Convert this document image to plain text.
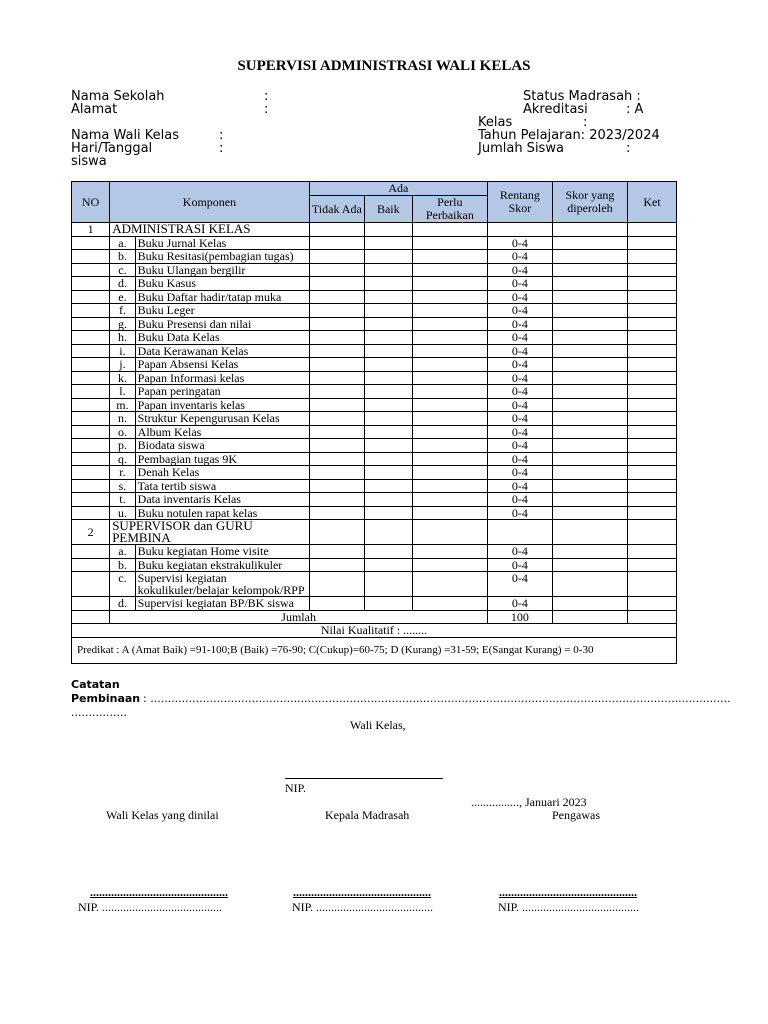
SUPERVISI ADMINISTRASI WALI KELAS
Nama Sekolah	:
Alamat	:
Nama Wali Kelas	:
Hari/Tanggal	:
siswa
Status Madrasah :
Akreditasi	: A
Kelas	:
Tahun Pelajaran: 2023/2024
Jumlah Siswa	:
NO	Komponen		Ada			Rentang Skor	Skor yang diperoleh	Ket
			Tidak Ada	Baik	Perlu Perbaikan			
1	ADMINISTRASI KELAS							
	a.	Buku Jurnal Kelas				0-4		
	b.	Buku Resitasi(pembagian tugas)				0-4		
	c.	Buku Ulangan bergilir				0-4		
	d.	Buku Kasus				0-4		
	e.	Buku Daftar hadir/tatap muka				0-4		
	f.	Buku Leger				0-4		
	g.	Buku Presensi dan nilai				0-4		
	h.	Buku Data Kelas				0-4		
	i.	Data Kerawanan Kelas				0-4		
	j.	Papan Absensi Kelas				0-4		
	k.	Papan Informasi kelas				0-4		
	l.	Papan peringatan				0-4		
	m.	Papan inventaris kelas				0-4		
	n.	Struktur Kepengurusan Kelas				0-4		
	o.	Album Kelas				0-4		
	p.	Biodata siswa				0-4		
	q.	Pembagian tugas 9K				0-4		
	r.	Denah Kelas				0-4		
	s.	Tata tertib siswa				0-4		
	t.	Data inventaris Kelas				0-4		
	u.	Buku notulen rapat kelas				0-4		
2	SUPERVISOR dan GURU
PEMBINA							
	a.	Buku kegiatan Home visite				0-4		
	b.	Buku kegiatan ekstrakulikuler				0-4		
	c.	Supervisi kegiatan kokulikuler/belajar kelompok/RPP				0-4		
	d.	Supervisi kegiatan BP/BK siswa				0-4		
	Jumlah					100		
Nilai Kualitatif : ........								
Predikat : A (Amat Baik) =91-100;B (Baik) =76-90; C(Cukup)=60-75; D (Kurang) =31-59; E(Sangat Kurang) = 0-30								
Catatan
Pembinaan : ......................................................................................................................................................................
................
Wali Kelas,
NIP.
................, Januari 2023
Wali Kelas yang dinilai	Kepala Madrasah	Pengawas
..............................................	..............................................	..............................................
NIP. ........................................	NIP. .......................................	NIP. .......................................
